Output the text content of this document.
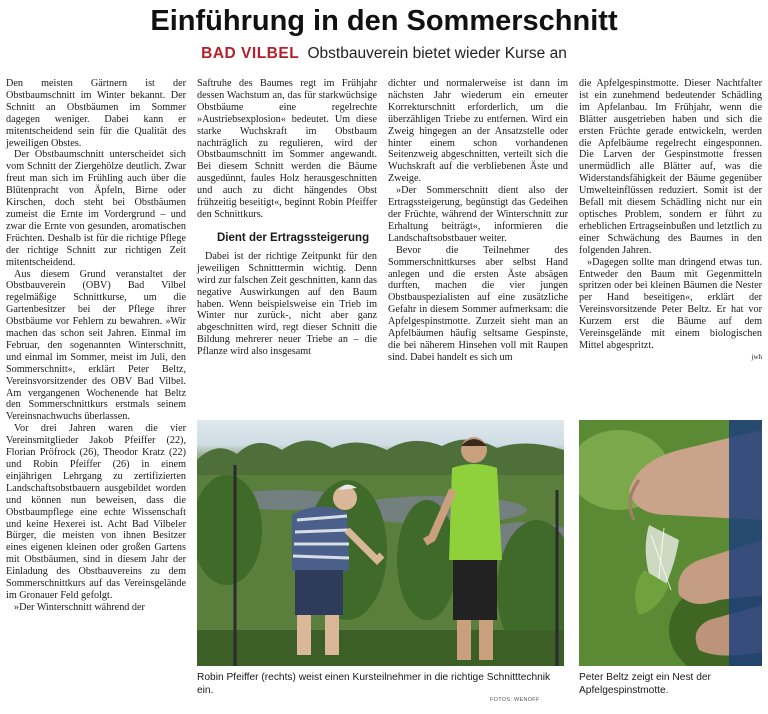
Einführung in den Sommerschnitt
BAD VILBEL Obstbauverein bietet wieder Kurse an

Den meisten Gärtnern ist der Obstbaumschnitt im Winter bekannt. Der Schnitt an Obstbäumen im Sommer dagegen weniger. Dabei kann er mitentscheidend sein für die Qualität des jeweiligen Obstes.

Der Obstbaumschnitt unterscheidet sich vom Schnitt der Ziergehölze deutlich. Zwar freut man sich im Frühling auch über die Blütenpracht von Äpfeln, Birne oder Kirschen, doch steht bei Obstbäumen zumeist die Ernte im Vordergrund – und zwar die Ernte von gesunden, aromatischen Früchten. Deshalb ist für die richtige Pflege der richtige Schnitt zur richtigen Zeit mitentscheidend.

Aus diesem Grund veranstaltet der Obstbauverein (OBV) Bad Vilbel regelmäßige Schnittkurse, um die Gartenbesitzer bei der Pflege ihrer Obstbäume vor Fehlern zu bewahren. »Wir machen das schon seit Jahren. Einmal im Februar, den sogenannten Winterschnitt, und einmal im Sommer, meist im Juli, den Sommerschnitt«, erklärt Peter Beltz, Vereinsvorsitzender des OBV Bad Vilbel. Am vergangenen Wochenende hat Beltz den Sommerschnittkurs erstmals seinem Vereinsnachwuchs überlassen.

Vor drei Jahren waren die vier Vereinsmitglieder Jakob Pfeiffer (22), Florian Pröfrock (26), Theodor Kratz (22) und Robin Pfeiffer (26) in einem einjährigen Lehrgang zu zertifizierten Landschaftsobstbauern ausgebildet worden und können nun beweisen, dass die Obstbaumpflege eine echte Wissenschaft und keine Hexerei ist. Acht Bad Vilbeler Bürger, die meisten von ihnen Besitzer eines eigenen kleinen oder großen Gartens mit Obstbäumen, sind in diesem Jahr der Einladung des Obstbauvereins zu dem Sommerschnittkurs auf das Vereinsgelände im Gronauer Feld gefolgt.

»Der Winterschnitt während der

Saftruhe des Baumes regt im Frühjahr dessen Wachstum an, das für starkwüchsige Obstbäume eine regelrechte »Austriebsexplosion« bedeutet. Um diese starke Wuchskraft im Obstbaum nachträglich zu regulieren, wird der Obstbaumschnitt im Sommer angewandt. Bei diesem Schnitt werden die Bäume ausgedünnt, faules Holz herausgeschnitten und auch zu dicht hängendes Obst frühzeitig beseitigt«, beginnt Robin Pfeiffer den Schnittkurs.

Dient der Ertragssteigerung

Dabei ist der richtige Zeitpunkt für den jeweiligen Schnitttermin wichtig. Denn wird zur falschen Zeit geschnitten, kann das negative Auswirkungen auf den Baum haben. Wenn beispielsweise ein Trieb im Winter nur zurück-, nicht aber ganz abgeschnitten wird, regt dieser Schnitt die Bildung mehrerer neuer Triebe an – die Pflanze wird also insgesamt

dichter und normalerweise ist dann im nächsten Jahr wiederum ein erneuter Korrekturschnitt erforderlich, um die überzähligen Triebe zu entfernen. Wird ein Zweig hingegen an der Ansatzstelle oder hinter einem schon vorhandenen Seitenzweig abgeschnitten, verteilt sich die Wuchskraft auf die verbliebenen Äste und Zweige.

»Der Sommerschnitt dient also der Ertragssteigerung, begünstigt das Gedeihen der Früchte, während der Winterschnitt zur Erhaltung beiträgt«, informieren die Landschaftsobstbauer weiter.

Bevor die Teilnehmer des Sommerschnittkurses aber selbst Hand anlegen und die ersten Äste absägen durften, machen die vier jungen Obstbauspezialisten auf eine zusätzliche Gefahr in diesem Sommer aufmerksam: die Apfelgespinstmotte. Zurzeit sieht man an Apfelbäumen häufig seltsame Gespinste, die bei näherem Hinsehen voll mit Raupen sind. Dabei handelt es sich um

die Apfelgespinstmotte. Dieser Nachtfalter ist ein zunehmend bedeutender Schädling im Apfelanbau. Im Frühjahr, wenn die Blätter ausgetrieben haben und sich die ersten Früchte gerade entwickeln, werden die Apfelbäume regelrecht eingesponnen. Die Larven der Gespinstmotte fressen unermüdlich alle Blätter auf, was die Widerstandsfähigkeit der Bäume gegenüber Umwelteinflüssen reduziert. Somit ist der Befall mit diesem Schädling nicht nur ein optisches Problem, sondern er führt zu erheblichen Ertragseinbußen und letztlich zu einer Schwächung des Baumes in den folgenden Jahren.

»Dagegen sollte man dringend etwas tun. Entweder den Baum mit Gegenmitteln spritzen oder bei kleinen Bäumen die Nester per Hand beseitigen«, erklärt der Vereinsvorsitzende Peter Beltz. Er hat vor Kurzem erst die Bäume auf dem Vereinsgelände mit einem biologischen Mittel abgespritzt.

jwh
Robin Pfeiffer (rechts) weist einen Kursteilnehmer in die richtige Schnitttechnik ein.
FOTOS: WENOFF
Peter Beltz zeigt ein Nest der Apfelgespinstmotte.
